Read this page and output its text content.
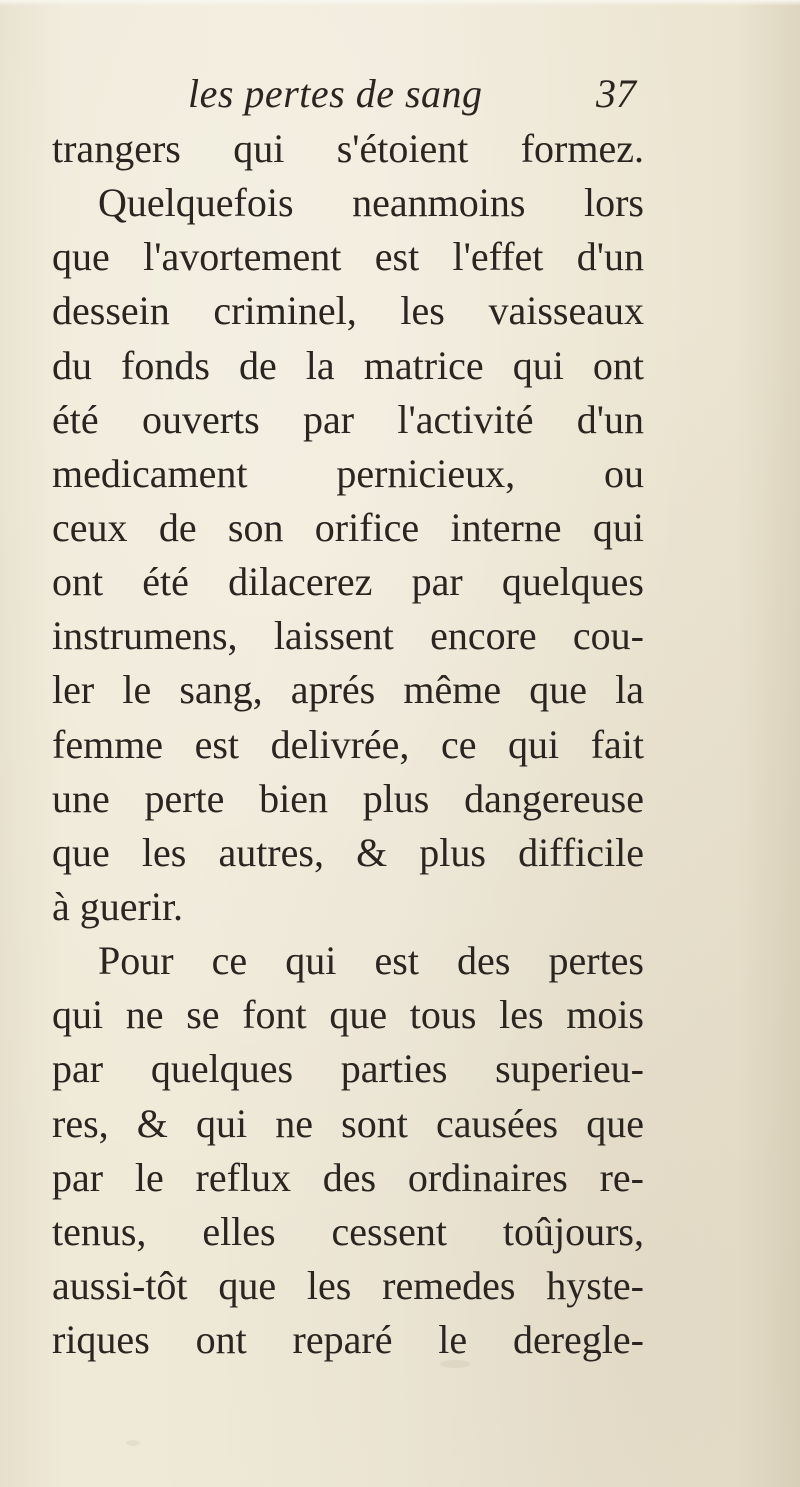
les pertes de sang	37
trangers qui s'étoient formez.
Quelquefois neanmoins lors
que l'avortement est l'effet d'un
dessein criminel, les vaisseaux
du fonds de la matrice qui ont
été ouverts par l'activité d'un
medicament pernicieux, ou
ceux de son orifice interne qui
ont été dilacerez par quelques
instrumens, laissent encore cou-
ler le sang, aprés même que la
femme est delivrée, ce qui fait
une perte bien plus dangereuse
que les autres, & plus difficile
à guerir.
Pour ce qui est des pertes
qui ne se font que tous les mois
par quelques parties superieu-
res, & qui ne sont causées que
par le reflux des ordinaires re-
tenus, elles cessent toûjours,
aussi-tôt que les remedes hyste-
riques ont reparé le deregle-
